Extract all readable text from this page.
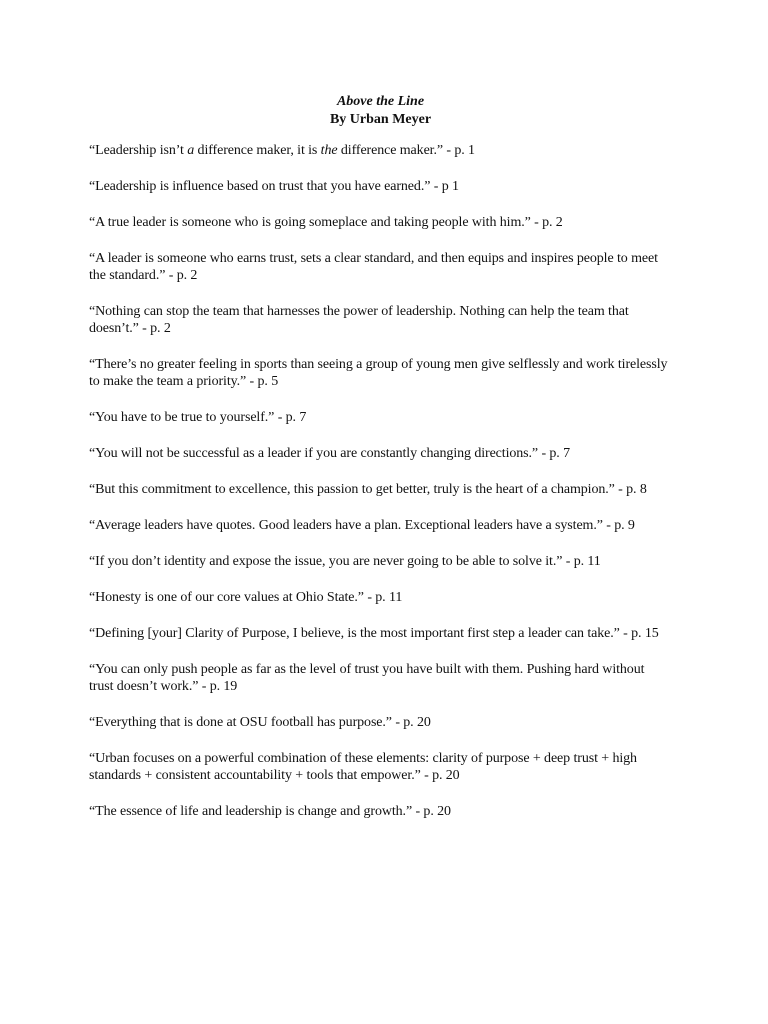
Above the Line
By Urban Meyer

“Leadership isn’t a difference maker, it is the difference maker.” - p. 1

“Leadership is influence based on trust that you have earned.” - p 1

“A true leader is someone who is going someplace and taking people with him.” - p. 2

“A leader is someone who earns trust, sets a clear standard, and then equips and inspires people to meet the standard.” - p. 2

“Nothing can stop the team that harnesses the power of leadership. Nothing can help the team that doesn’t.” - p. 2

“There’s no greater feeling in sports than seeing a group of young men give selflessly and work tirelessly to make the team a priority.” - p. 5

“You have to be true to yourself.” - p. 7

“You will not be successful as a leader if you are constantly changing directions.” - p. 7

“But this commitment to excellence, this passion to get better, truly is the heart of a champion.” - p. 8

“Average leaders have quotes. Good leaders have a plan. Exceptional leaders have a system.” - p. 9

“If you don’t identity and expose the issue, you are never going to be able to solve it.” - p. 11

“Honesty is one of our core values at Ohio State.” - p. 11

“Defining [your] Clarity of Purpose, I believe, is the most important first step a leader can take.” - p. 15

“You can only push people as far as the level of trust you have built with them. Pushing hard without trust doesn’t work.” - p. 19

“Everything that is done at OSU football has purpose.” - p. 20

“Urban focuses on a powerful combination of these elements: clarity of purpose + deep trust + high standards + consistent accountability + tools that empower.” - p. 20

“The essence of life and leadership is change and growth.” - p. 20
